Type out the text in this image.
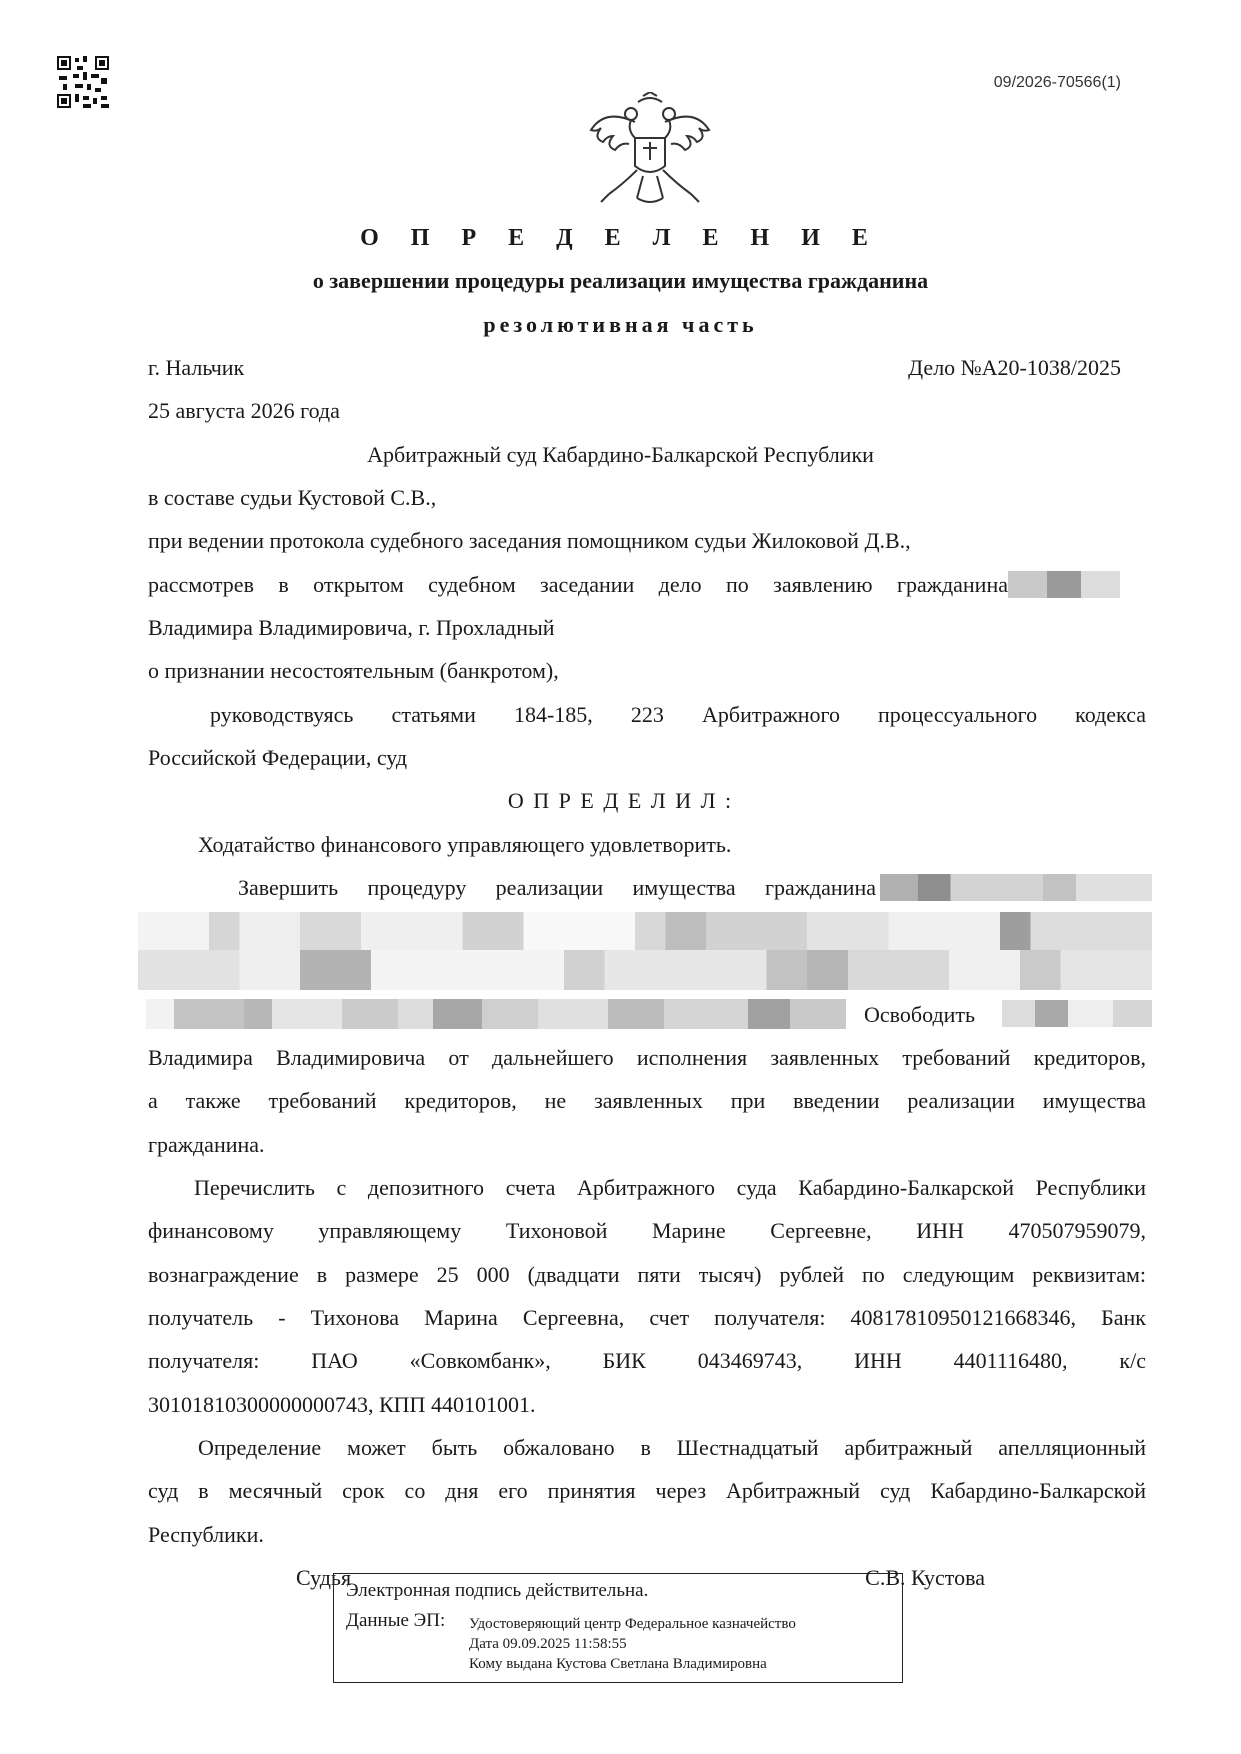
09/2026-70566(1)
О П Р Е Д Е Л Е Н И Е
о завершении процедуры реализации имущества гражданина
резолютивная часть
г. Нальчик	Дело №А20-1038/2025
25 августа 2026 года
Арбитражный суд Кабардино-Балкарской Республики
в составе судьи Кустовой С.В.,
при ведении протокола судебного заседания помощником судьи Жилоковой Д.В.,
рассмотрев в открытом судебном заседании дело по заявлению гражданина
Владимира Владимировича, г. Прохладный
о признании несостоятельным (банкротом),
руководствуясь статьями 184-185, 223 Арбитражного процессуального кодекса
Российской Федерации, суд
О П Р Е Д Е Л И Л :
Ходатайство финансового управляющего удовлетворить.
Завершить процедуру реализации имущества гражданина
Освободить
Владимира Владимировича от дальнейшего исполнения заявленных требований кредиторов,
а также требований кредиторов, не заявленных при введении реализации имущества
гражданина.
Перечислить с депозитного счета Арбитражного суда Кабардино-Балкарской Республики
финансовому управляющему Тихоновой Марине Сергеевне, ИНН 470507959079,
вознаграждение в размере 25 000 (двадцати пяти тысяч) рублей по следующим реквизитам:
получатель - Тихонова Марина Сергеевна, счет получателя: 40817810950121668346, Банк
получателя: ПАО «Совкомбанк», БИК 043469743, ИНН 4401116480, к/с
30101810300000000743, КПП 440101001.
Определение может быть обжаловано в Шестнадцатый арбитражный апелляционный
суд в месячный срок со дня его принятия через Арбитражный суд Кабардино-Балкарской
Республики.
Судья	С.В. Кустова
Электронная подпись действительна.
Данные ЭП: Удостоверяющий центр Федеральное казначейство
Дата 09.09.2025 11:58:55
Кому выдана Кустова Светлана Владимировна
